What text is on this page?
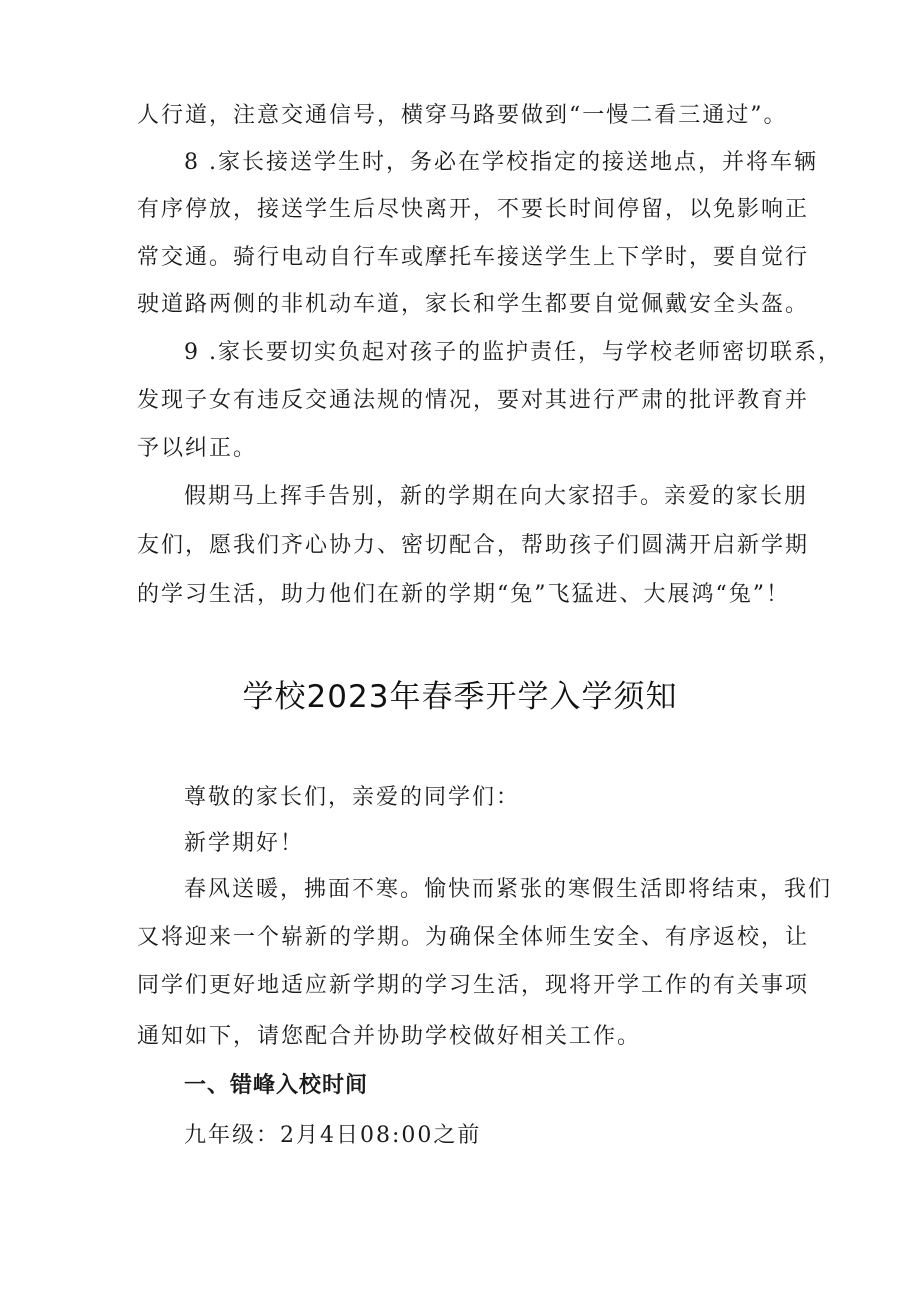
人行道，注意交通信号，横穿马路要做到“一慢二看三通过”。
8 .家长接送学生时，务必在学校指定的接送地点，并将车辆
有序停放，接送学生后尽快离开，不要长时间停留，以免影响正
常交通。骑行电动自行车或摩托车接送学生上下学时，要自觉行
驶道路两侧的非机动车道，家长和学生都要自觉佩戴安全头盔。
9 .家长要切实负起对孩子的监护责任，与学校老师密切联系，
发现子女有违反交通法规的情况，要对其进行严肃的批评教育并
予以纠正。
假期马上挥手告别，新的学期在向大家招手。亲爱的家长朋
友们，愿我们齐心协力、密切配合，帮助孩子们圆满开启新学期
的学习生活，助力他们在新的学期“兔”飞猛进、大展鸿“兔”！
学校2023年春季开学入学须知
尊敬的家长们，亲爱的同学们：
新学期好！
春风送暖，拂面不寒。愉快而紧张的寒假生活即将结束，我们
又将迎来一个崭新的学期。为确保全体师生安全、有序返校，让
同学们更好地适应新学期的学习生活，现将开学工作的有关事项
通知如下，请您配合并协助学校做好相关工作。
一、错峰入校时间
九年级：2月4日08:00之前
